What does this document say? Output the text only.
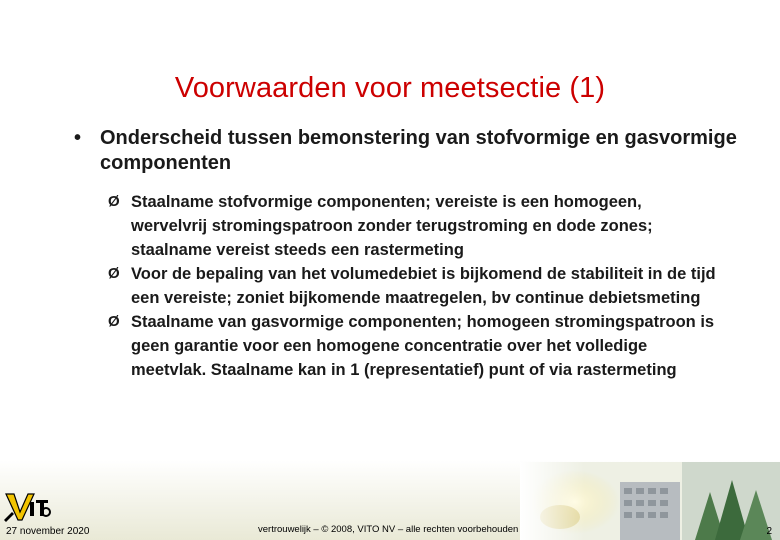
Voorwaarden voor meetsectie (1)
• Onderscheid tussen bemonstering van stofvormige en gasvormige componenten

Ø Staalname stofvormige componenten; vereiste is een homogeen, wervelvrij stromingspatroon zonder terugstroming en dode zones; staalname vereist steeds een rastermeting

Ø Voor de bepaling van het volumedebiet is bijkomend de stabiliteit in de tijd een vereiste; zoniet bijkomende maatregelen, bv continue debietsmeting

Ø Staalname van gasvormige componenten; homogeen stromingspatroon is geen garantie voor een homogene concentratie over het volledige meetvlak. Staalname kan in 1 (representatief) punt of via rastermeting

27 november 2020	vertrouwelijk – © 2008, VITO NV – alle rechten voorbehouden	2
